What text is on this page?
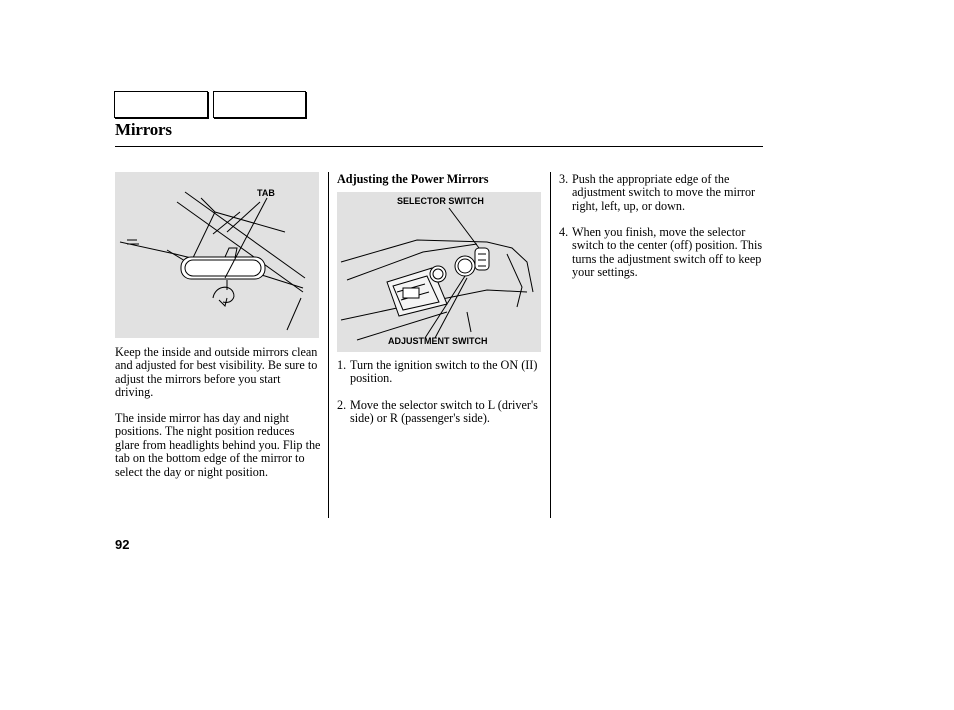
Mirrors
TAB
SELECTOR SWITCH
ADJUSTMENT SWITCH

Keep the inside and outside mirrors clean and adjusted for best visibility. Be sure to adjust the mirrors before you start driving.

The inside mirror has day and night positions. The night position reduces glare from headlights behind you. Flip the tab on the bottom edge of the mirror to select the day or night position.

Adjusting the Power Mirrors
1. Turn the ignition switch to the ON (II) position.
2. Move the selector switch to L (driver's side) or R (passenger's side).
3. Push the appropriate edge of the adjustment switch to move the mirror right, left, up, or down.
4. When you finish, move the selector switch to the center (off) position. This turns the adjustment switch off to keep your settings.
92
